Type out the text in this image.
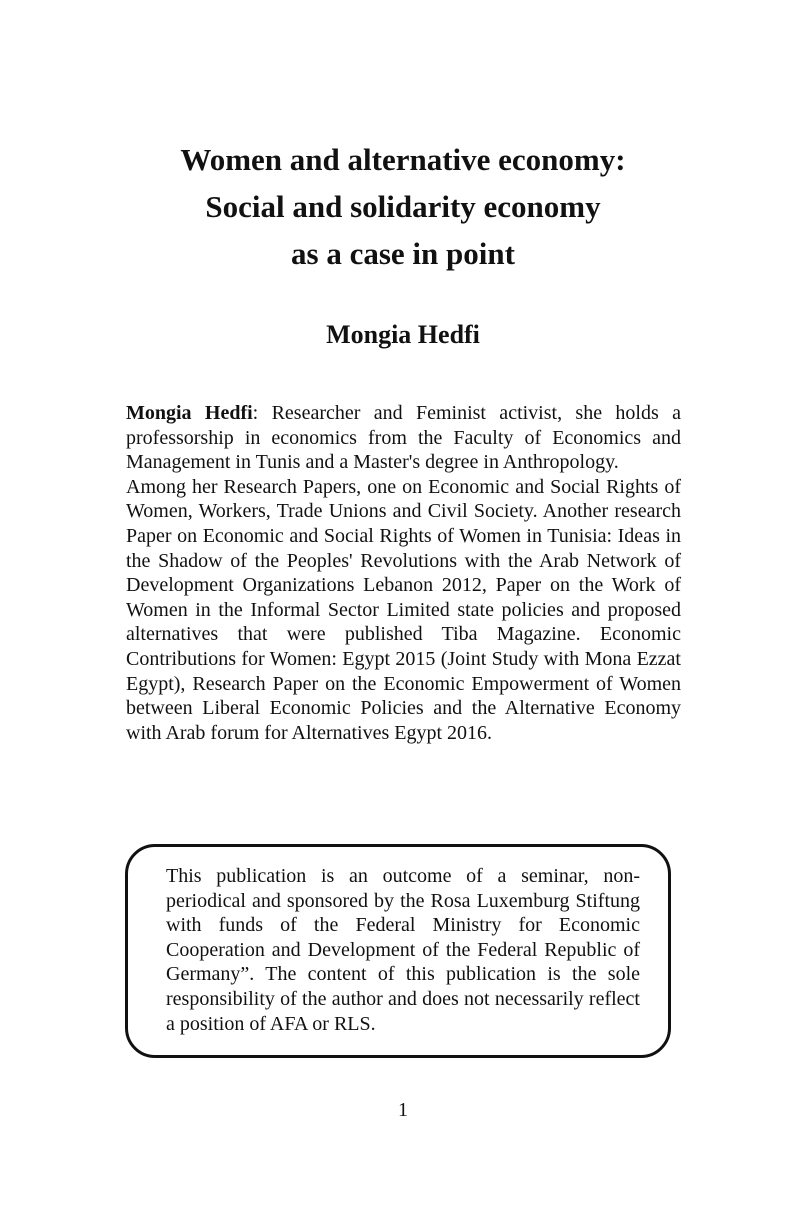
Women and alternative economy:
Social and solidarity economy
as a case in point
Mongia Hedfi

Mongia Hedfi: Researcher and Feminist activist, she holds a professorship in economics from the Faculty of Economics and Management in Tunis and a Master's degree in Anthropology.

Among her Research Papers, one on Economic and Social Rights of Women, Workers, Trade Unions and Civil Society. Another research Paper on Economic and Social Rights of Women in Tunisia: Ideas in the Shadow of the Peoples' Revolutions with the Arab Network of Development Organizations Lebanon 2012, Paper on the Work of Women in the Informal Sector Limited state policies and proposed alternatives that were published Tiba Magazine. Economic Contributions for Women: Egypt 2015 (Joint Study with Mona Ezzat Egypt), Research Paper on the Economic Empowerment of Women between Liberal Economic Policies and the Alternative Economy with Arab forum for Alternatives Egypt 2016.

This publication is an outcome of a seminar, non-periodical and sponsored by the Rosa Luxemburg Stiftung with funds of the Federal Ministry for Economic Cooperation and Development of the Federal Republic of Germany”. The content of this publication is the sole responsibility of the author and does not necessarily reflect a position of AFA or RLS.

1
